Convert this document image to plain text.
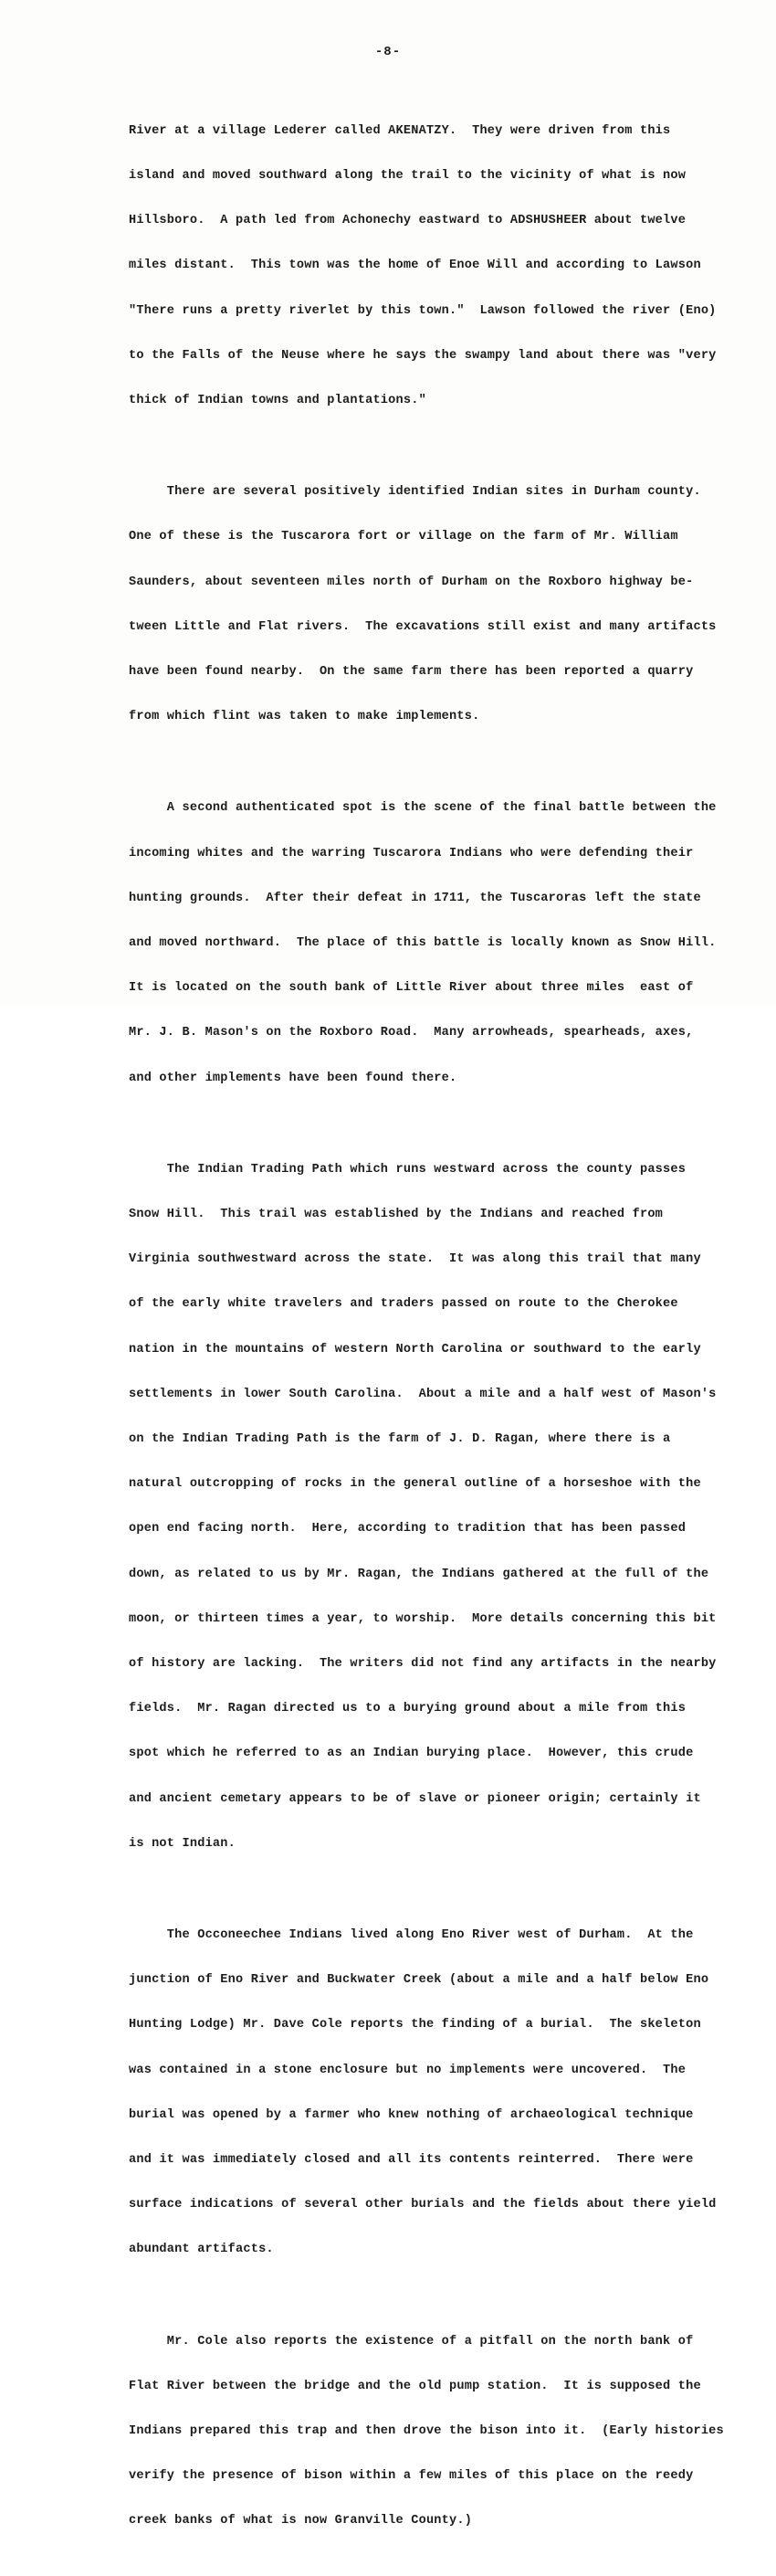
-8-

River at a village Lederer called AKENATZY.  They were driven from this

island and moved southward along the trail to the vicinity of what is now

Hillsboro.  A path led from Achonechy eastward to ADSHUSHEER about twelve

miles distant.  This town was the home of Enoe Will and according to Lawson

"There runs a pretty riverlet by this town."  Lawson followed the river (Eno)

to the Falls of the Neuse where he says the swampy land about there was "very

thick of Indian towns and plantations."

There are several positively identified Indian sites in Durham county.

One of these is the Tuscarora fort or village on the farm of Mr. William

Saunders, about seventeen miles north of Durham on the Roxboro highway be-

tween Little and Flat rivers.  The excavations still exist and many artifacts

have been found nearby.  On the same farm there has been reported a quarry

from which flint was taken to make implements.

A second authenticated spot is the scene of the final battle between the

incoming whites and the warring Tuscarora Indians who were defending their

hunting grounds.  After their defeat in 1711, the Tuscaroras left the state

and moved northward.  The place of this battle is locally known as Snow Hill.

It is located on the south bank of Little River about three miles  east of

Mr. J. B. Mason's on the Roxboro Road.  Many arrowheads, spearheads, axes,

and other implements have been found there.

The Indian Trading Path which runs westward across the county passes

Snow Hill.  This trail was established by the Indians and reached from

Virginia southwestward across the state.  It was along this trail that many

of the early white travelers and traders passed on route to the Cherokee

nation in the mountains of western North Carolina or southward to the early

settlements in lower South Carolina.  About a mile and a half west of Mason's

on the Indian Trading Path is the farm of J. D. Ragan, where there is a

natural outcropping of rocks in the general outline of a horseshoe with the

open end facing north.  Here, according to tradition that has been passed

down, as related to us by Mr. Ragan, the Indians gathered at the full of the

moon, or thirteen times a year, to worship.  More details concerning this bit

of history are lacking.  The writers did not find any artifacts in the nearby

fields.  Mr. Ragan directed us to a burying ground about a mile from this

spot which he referred to as an Indian burying place.  However, this crude

and ancient cemetary appears to be of slave or pioneer origin; certainly it

is not Indian.

The Occoneechee Indians lived along Eno River west of Durham.  At the

junction of Eno River and Buckwater Creek (about a mile and a half below Eno

Hunting Lodge) Mr. Dave Cole reports the finding of a burial.  The skeleton

was contained in a stone enclosure but no implements were uncovered.  The

burial was opened by a farmer who knew nothing of archaeological technique

and it was immediately closed and all its contents reinterred.  There were

surface indications of several other burials and the fields about there yield

abundant artifacts.

Mr. Cole also reports the existence of a pitfall on the north bank of

Flat River between the bridge and the old pump station.  It is supposed the

Indians prepared this trap and then drove the bison into it.  (Early histories

verify the presence of bison within a few miles of this place on the reedy

creek banks of what is now Granville County.)
